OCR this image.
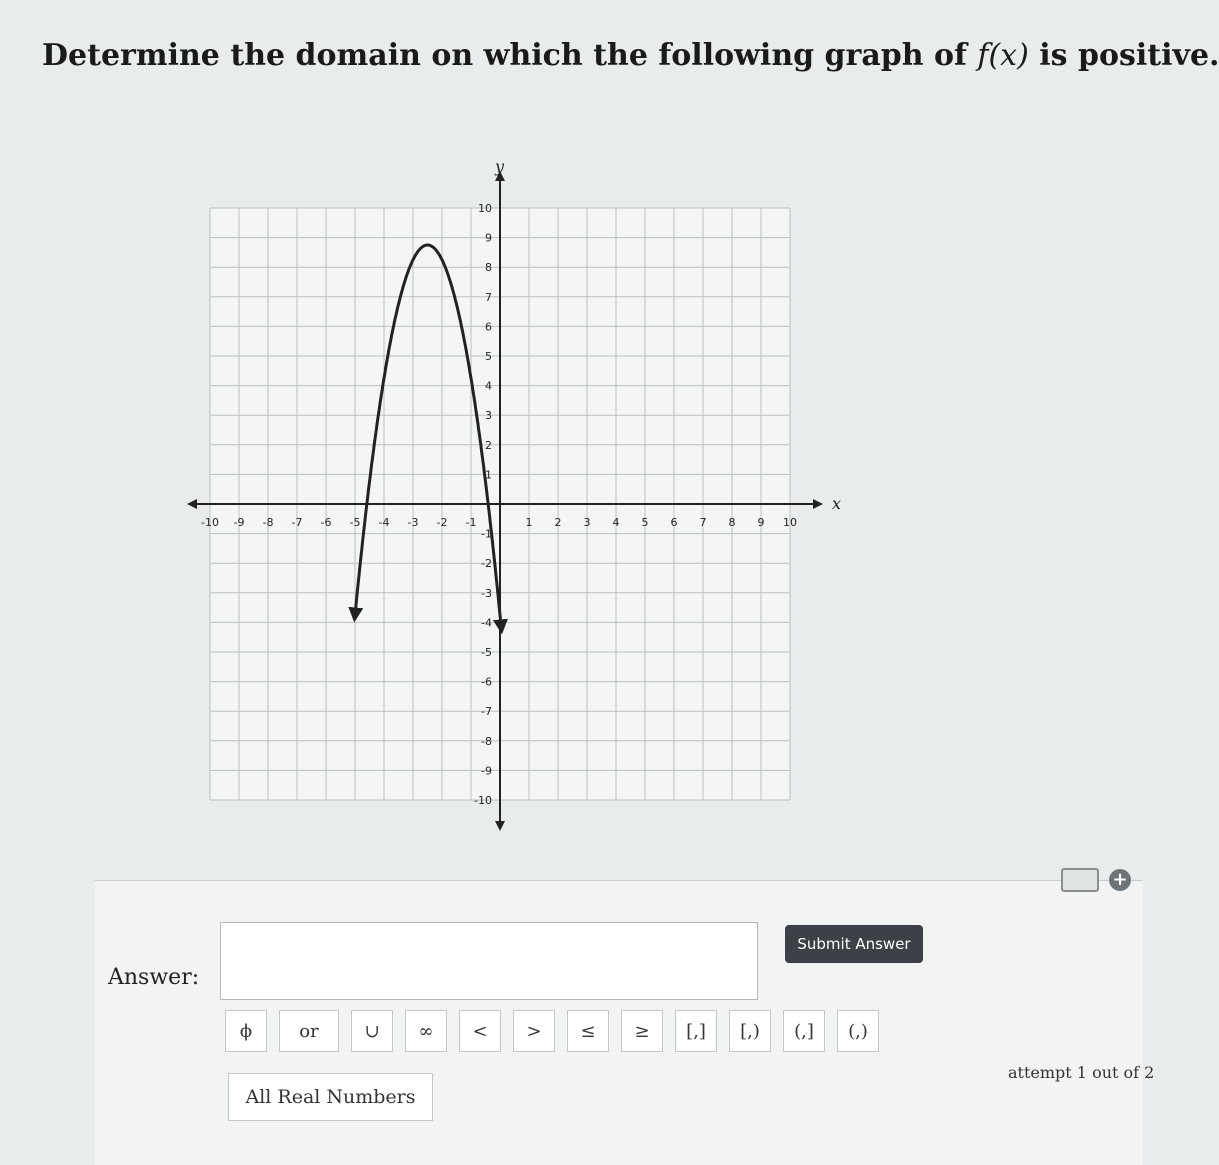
Determine the domain on which the following graph of f(x) is positive.
x
y
-10 -9 -8 -7 -6 -5 -4 -3 -2 -1	1 2 3 4 5 6 7 8 9 10
10
9
8
7
6
5
4
3
2
1
-1
-2
-3
-4
-5
-6
-7
-8
-9
-10
+
Answer:
Submit Answer
ϕ	or	∪	∞	<	>	≤	≥	[,]	[,)	(,]	(,)
All Real Numbers
attempt 1 out of 2
